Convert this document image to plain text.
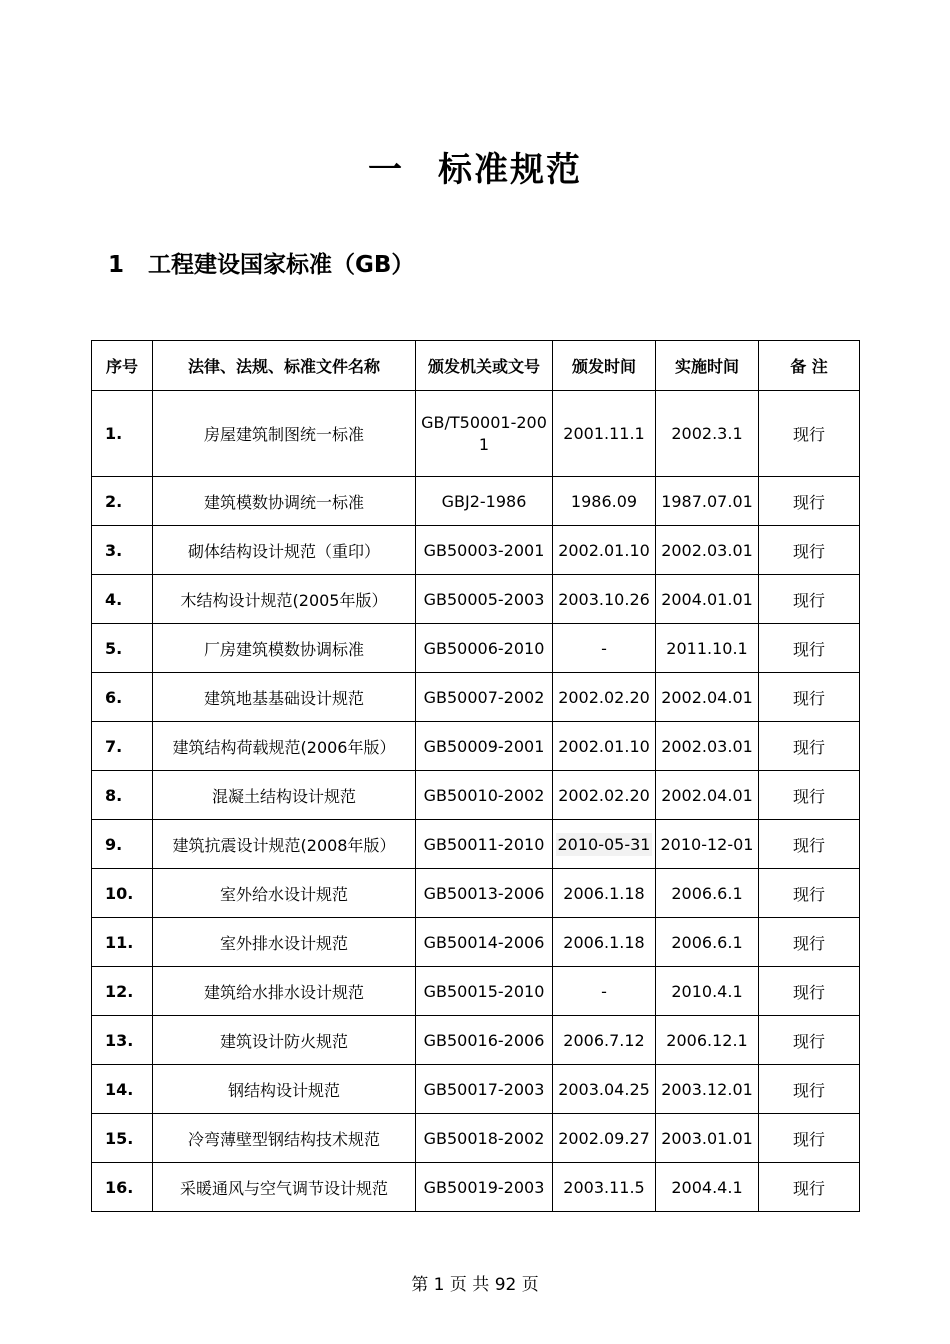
一 标准规范
1 工程建设国家标准（GB）
序号	法律、法规、标准文件名称	颁发机关或文号	颁发时间	实施时间	备 注
1.	房屋建筑制图统一标准	GB/T50001-2001	2001.11.1	2002.3.1	现行
2.	建筑模数协调统一标准	GBJ2-1986	1986.09	1987.07.01	现行
3.	砌体结构设计规范（重印）	GB50003-2001	2002.01.10	2002.03.01	现行
4.	木结构设计规范(2005年版）	GB50005-2003	2003.10.26	2004.01.01	现行
5.	厂房建筑模数协调标准	GB50006-2010	-	2011.10.1	现行
6.	建筑地基基础设计规范	GB50007-2002	2002.02.20	2002.04.01	现行
7.	建筑结构荷载规范(2006年版）	GB50009-2001	2002.01.10	2002.03.01	现行
8.	混凝土结构设计规范	GB50010-2002	2002.02.20	2002.04.01	现行
9.	建筑抗震设计规范(2008年版）	GB50011-2010	2010-05-31	2010-12-01	现行
10.	室外给水设计规范	GB50013-2006	2006.1.18	2006.6.1	现行
11.	室外排水设计规范	GB50014-2006	2006.1.18	2006.6.1	现行
12.	建筑给水排水设计规范	GB50015-2010	-	2010.4.1	现行
13.	建筑设计防火规范	GB50016-2006	2006.7.12	2006.12.1	现行
14.	钢结构设计规范	GB50017-2003	2003.04.25	2003.12.01	现行
15.	冷弯薄壁型钢结构技术规范	GB50018-2002	2002.09.27	2003.01.01	现行
16.	采暖通风与空气调节设计规范	GB50019-2003	2003.11.5	2004.4.1	现行
第 1 页 共 92 页
